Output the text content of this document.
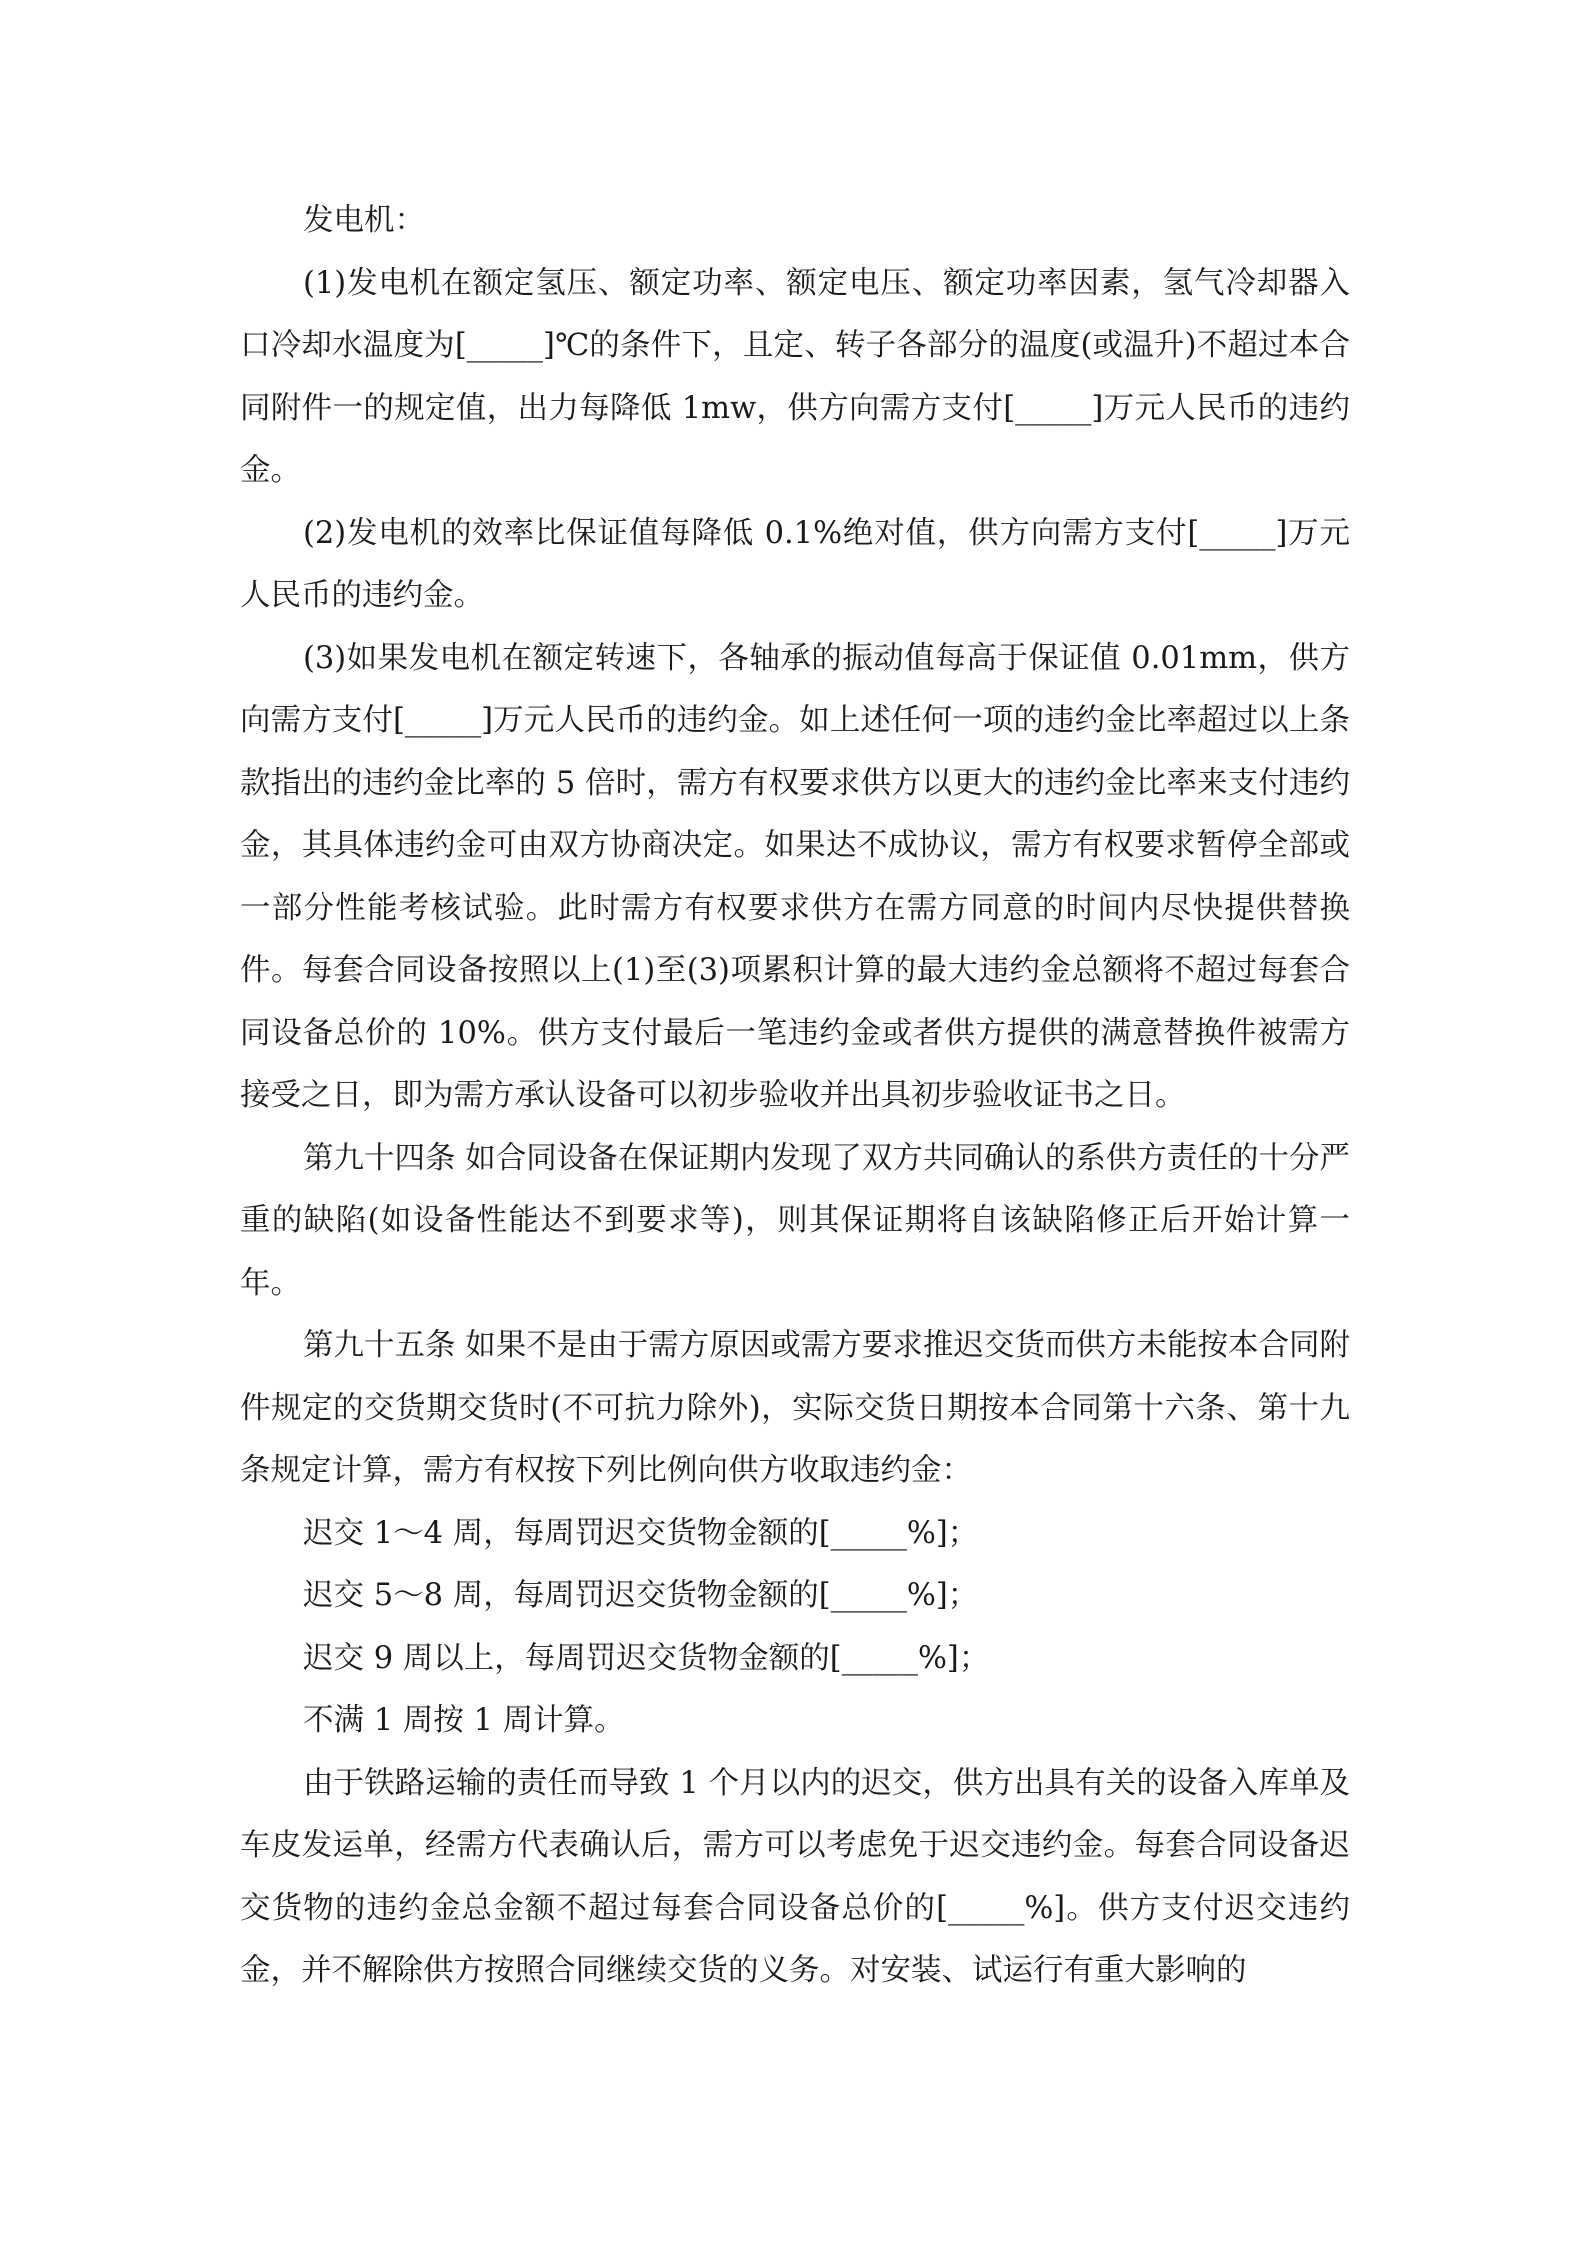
发电机：

(1)发电机在额定氢压、额定功率、额定电压、额定功率因素，氢气冷却器入口冷却水温度为[_____]℃的条件下，且定、转子各部分的温度(或温升)不超过本合同附件一的规定值，出力每降低 1mw，供方向需方支付[_____]万元人民币的违约金。

(2)发电机的效率比保证值每降低 0.1%绝对值，供方向需方支付[_____]万元人民币的违约金。

(3)如果发电机在额定转速下，各轴承的振动值每高于保证值 0.01mm，供方向需方支付[_____]万元人民币的违约金。如上述任何一项的违约金比率超过以上条款指出的违约金比率的 5 倍时，需方有权要求供方以更大的违约金比率来支付违约金，其具体违约金可由双方协商决定。如果达不成协议，需方有权要求暂停全部或一部分性能考核试验。此时需方有权要求供方在需方同意的时间内尽快提供替换件。每套合同设备按照以上(1)至(3)项累积计算的最大违约金总额将不超过每套合同设备总价的 10%。供方支付最后一笔违约金或者供方提供的满意替换件被需方接受之日，即为需方承认设备可以初步验收并出具初步验收证书之日。

第九十四条 如合同设备在保证期内发现了双方共同确认的系供方责任的十分严重的缺陷(如设备性能达不到要求等)，则其保证期将自该缺陷修正后开始计算一年。

第九十五条 如果不是由于需方原因或需方要求推迟交货而供方未能按本合同附件规定的交货期交货时(不可抗力除外)，实际交货日期按本合同第十六条、第十九条规定计算，需方有权按下列比例向供方收取违约金：

迟交 1～4 周，每周罚迟交货物金额的[_____%]；

迟交 5～8 周，每周罚迟交货物金额的[_____%]；

迟交 9 周以上，每周罚迟交货物金额的[_____%]；

不满 1 周按 1 周计算。

由于铁路运输的责任而导致 1 个月以内的迟交，供方出具有关的设备入库单及车皮发运单，经需方代表确认后，需方可以考虑免于迟交违约金。每套合同设备迟交货物的违约金总金额不超过每套合同设备总价的[_____%]。供方支付迟交违约金，并不解除供方按照合同继续交货的义务。对安装、试运行有重大影响的
